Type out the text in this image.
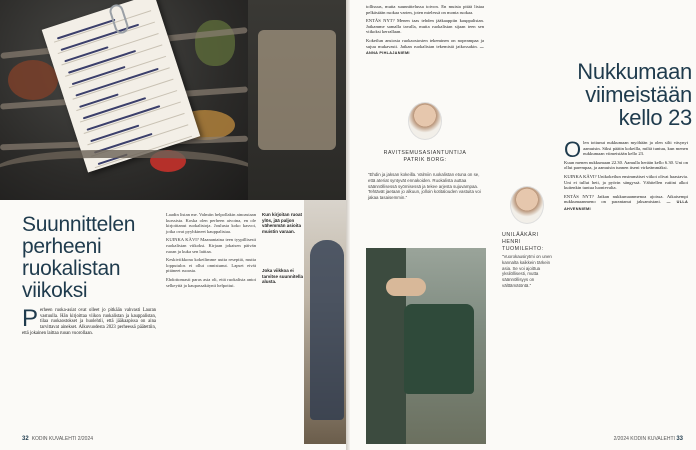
Suunnittelen perheeni ruokalistan viikoksi
P erheen ruoka-asiat ovat olleet jo pitkään vahvasti Lauran vastuulla. Hän kirjoittaa viikon ruokalistan ja kauppalistan, tilaa ruokaostokset ja huolehtii, että jääkaapissa on aina tarvittavat ainekset. Alkuvuodesta 2023 perheessä päätettiin, että jokainen laittaa ruoan vuorollaan.

Laadin listan me. Valmiin helpollakin ainoastaan kurssista. Koska olen perheen aivoina, en ole kirjoittanut ruokalistoja. Joulusta koko kasvoi, jotka ovat pyyhkineet kauppalistaa.

KUINKA KÄVI? Maanantaina teen tyypillisesti ruokalistan viikoksi. Kirjaan jokaisen päivän ruoan ja kuka sen laittaa.

Keskiviikkona kokeilimme uutta reseptiä, mutta lopputulos ei ollut onnistunut. Lapset eivät pitäneet ruoasta.

Ehdottomasti paras asia oli, että ruokalista antoi selkeyttä ja kaupassakäynti helpottui.

Kun kirjoitan ruoat ylös, jää paljon vähemmän asioita muistin varaan.
Joka viikkoa ei tarvitse suunnitella alusta.
32 KODIN KUVALEHTI 2/2024

tollisuus, mutta suunnittelussa toivon. En muista pitää listaa pelkästään ruokaa varten, joten mielessä on monta ruokaa.

ENTÄS NYT? Menen taas tehden jääkaappiin kauppalistan. Jatkamme samalla tavalla, mutta ruokalistan sijaan teen sen viikoksi kerrallaan.

Kokeilun ansiosta ruokaostosten tekeminen on nopeampaa ja sujuu mukavasti. Jatkan ruokalistan tekemistä jatkossakin. — ANNA PIHLAJANIEMI

RAVITSEMUSASIANTUNTIJA
PATRIK BORG:
“Ehdin ja jaksan kokeilla. Valmiin ruokalistan etuna on se, että ateriat syntyvät ennakoiden. Ruokalista auttaa säännöllisessä syömisessä ja tekee arjesta sujuvampaa. Tehtävät jaetaan jo alkuun, jolloin kotitalouden vastuita voi jakaa tasaisemmin.”
UNILÄÄKÄRI
HENRI TUOMILEHTO:
“Vuorokausirytmi on unen kannalta kaikkein tärkein asia. Se voi ajoittua yksilöllisesti, mutta säännöllisyys on välttämätöntä.”
Nukkumaan viimeistään kello 23

Olen tottunut nukkumaan myöhään ja olen silti väsynyt aamuisin. Siksi päätin kokeilla, miltä tuntuu, kun menen nukkumaan viimeistään kello 23.

Kuun menen nukkumaan 22.30. Aamulla herään kello 6.30. Uni on ollut parempaa, ja aamuisin tunnen itseni virkeämmäksi.

KUINKA KÄVI? Unikokeilun ensimmäiset viikot olivat haastavia. Uni ei tullut heti, ja pyörin sängyssä. Vähitellen rutiini alkoi kuitenkin tuntua luontevalta.

ENTÄS NYT? Jatkan nukkumaanmenoa ajoissa. Aikaisempi nukkumaanmeno on parantanut jaksamistani. — ULLA AHVENNIEMI

2/2024 KODIN KUVALEHTI 33
